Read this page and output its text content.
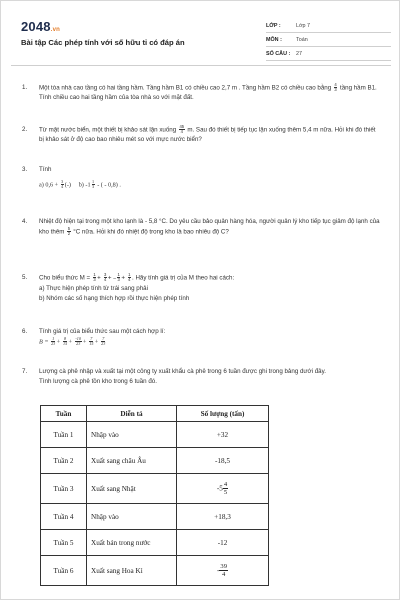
2048.vn
Bài tập Các phép tính với số hữu tỉ có đáp án
LỚP :	Lớp 7
MÔN :	Toán
SỐ CÂU :	27
1.	Một tòa nhà cao tầng có hai tầng hầm. Tầng hầm B1 có chiều cao 2,7 m . Tầng hầm B2 có chiều cao bằng $\frac{4}{3}$ tầng hầm B1. Tính chiều cao hai tầng hầm của tòa nhà so với mặt đất.
2.	Từ mặt nước biển, một thiết bị khảo sát lặn xuống $\frac{45}{4} m$. Sau đó thiết bị tiếp tục lặn xuống thêm 5,4 m nữa. Hỏi khi đó thiết bị khảo sát ở độ cao bao nhiêu mét so với mực nước biển?
3.	Tính
a) $0,6 + \frac{3}{4}$ (-)     b) $-1 \frac{1}{3}$ - ( - 0,8) .
4.	Nhiệt độ hiện tại trong một kho lạnh là - 5,8 °C. Do yêu cầu bảo quản hàng hóa, người quản lý kho tiếp tục giảm độ lạnh của kho thêm $\frac{5}{2} ^\circ C$ nữa. Hỏi khi đó nhiệt độ trong kho là bao nhiêu độ C?
5.	Cho biểu thức $M = \frac{1}{3} + \frac{3}{4}$ + – $\frac{1}{3} + \frac{1}{4}$ . Hãy tính giá trị của M theo hai cách:
a) Thực hiện phép tính từ trái sang phải
b) Nhóm các số hạng thích hợp rồi thực hiện phép tính
6.	Tính giá trị của biểu thức sau một cách hợp lí:
$B = \frac{1}{23} + \frac{8}{15} + \frac{-10}{23} + \frac{7}{15} + \frac{7}{23}$
7.	Lượng cà phê nhập và xuất tại một công ty xuất khẩu cà phê trong 6 tuần được ghi trong bảng dưới đây.
Tình lượng cà phê tồn kho trong 6 tuần đó.
Tuần	Diễn tả	Số lượng (tấn)
Tuần 1	Nhập vào	+32
Tuần 2	Xuất sang châu Âu	-18,5
Tuần 3	Xuất sang Nhật	$-5 \frac{4}{5}$

Tuần 4	Nhập vào	+18,3
Tuần 5	Xuất bán trong nước	-12
Tuần 6	Xuất sang Hoa Kì	- $\frac{39}{4}$
